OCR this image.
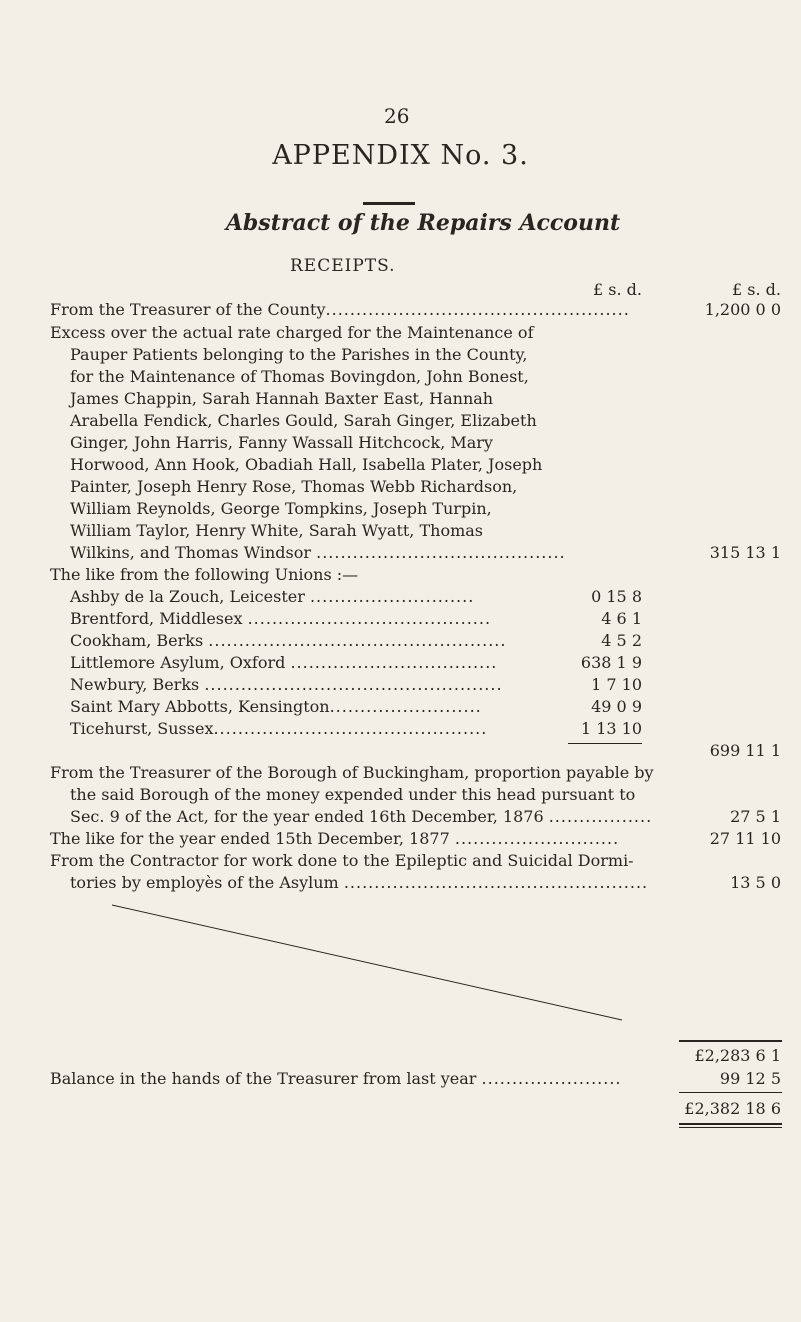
26
APPENDIX No. 3.
Abstract of the Repairs Account
RECEIPTS.
£ s. d.	£ s. d.
From the Treasurer of the County..................................................	1,200 0 0
Excess over the actual rate charged for the Maintenance of
Pauper Patients belonging to the Parishes in the County,
for the Maintenance of Thomas Bovingdon, John Bonest,
James Chappin, Sarah Hannah Baxter East, Hannah
Arabella Fendick, Charles Gould, Sarah Ginger, Elizabeth
Ginger, John Harris, Fanny Wassall Hitchcock, Mary
Horwood, Ann Hook, Obadiah Hall, Isabella Plater, Joseph
Painter, Joseph Henry Rose, Thomas Webb Richardson,
William Reynolds, George Tompkins, Joseph Turpin,
William Taylor, Henry White, Sarah Wyatt, Thomas
Wilkins, and Thomas Windsor .........................................	315 13 1
The like from the following Unions :—
Ashby de la Zouch, Leicester ...........................	0 15 8
Brentford, Middlesex ........................................	4 6 1
Cookham, Berks .................................................	4 5 2
Littlemore Asylum, Oxford ..................................	638 1 9
Newbury, Berks .................................................	1 7 10
Saint Mary Abbotts, Kensington.........................	49 0 9
Ticehurst, Sussex.............................................	1 13 10
699 11 1
From the Treasurer of the Borough of Buckingham, proportion payable by
the said Borough of the money expended under this head pursuant to
Sec. 9 of the Act, for the year ended 16th December, 1876 .................	27 5 1
The like for the year ended 15th December, 1877 ...........................	27 11 10
From the Contractor for work done to the Epileptic and Suicidal Dormi-
tories by employès of the Asylum ..................................................	13 5 0
£2,283 6 1
Balance in the hands of the Treasurer from last year .......................	99 12 5
£2,382 18 6
